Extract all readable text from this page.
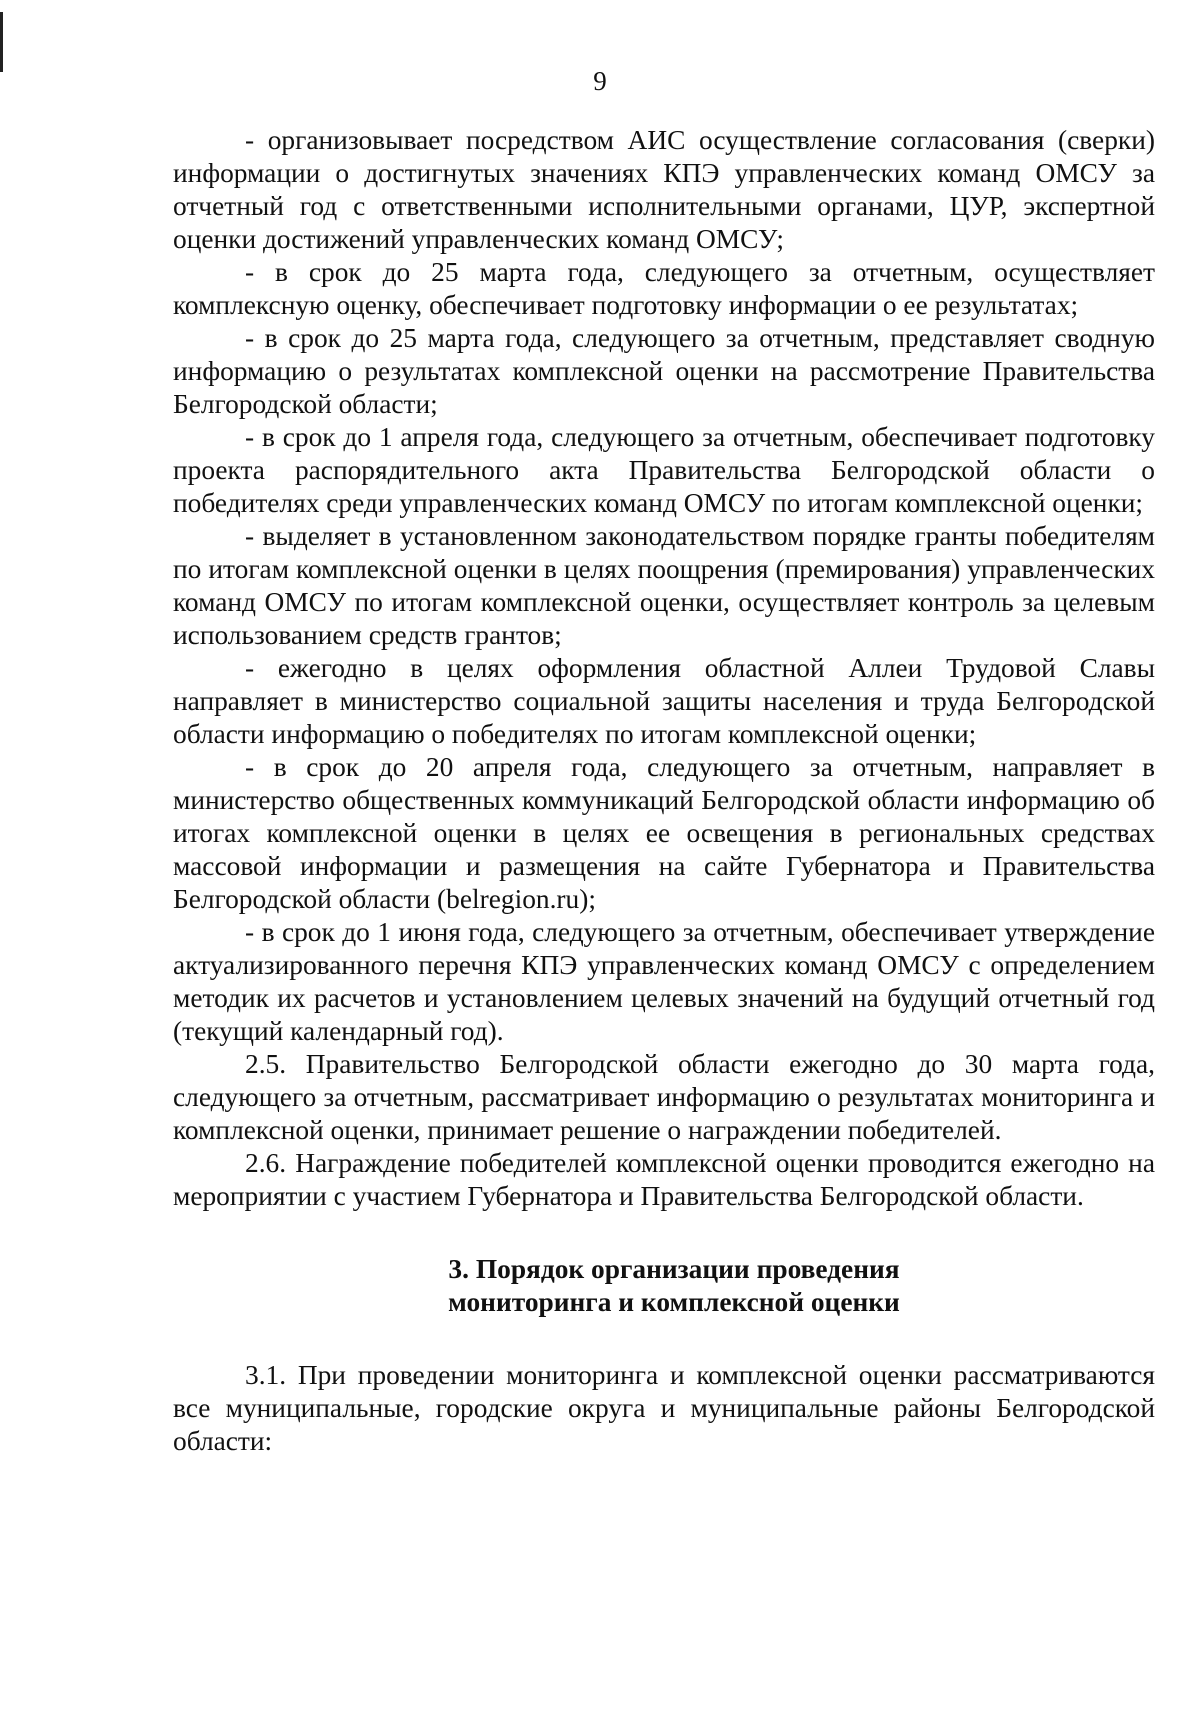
9

- организовывает посредством АИС осуществление согласования (сверки) информации о достигнутых значениях КПЭ управленческих команд ОМСУ за отчетный год с ответственными исполнительными органами, ЦУР, экспертной оценки достижений управленческих команд ОМСУ;

- в срок до 25 марта года, следующего за отчетным, осуществляет комплексную оценку, обеспечивает подготовку информации о ее результатах;

- в срок до 25 марта года, следующего за отчетным, представляет сводную информацию о результатах комплексной оценки на рассмотрение Правительства Белгородской области;

- в срок до 1 апреля года, следующего за отчетным, обеспечивает подготовку проекта распорядительного акта Правительства Белгородской области о победителях среди управленческих команд ОМСУ по итогам комплексной оценки;

- выделяет в установленном законодательством порядке гранты победителям по итогам комплексной оценки в целях поощрения (премирования) управленческих команд ОМСУ по итогам комплексной оценки, осуществляет контроль за целевым использованием средств грантов;

- ежегодно в целях оформления областной Аллеи Трудовой Славы направляет в министерство социальной защиты населения и труда Белгородской области информацию о победителях по итогам комплексной оценки;

- в срок до 20 апреля года, следующего за отчетным, направляет в министерство общественных коммуникаций Белгородской области информацию об итогах комплексной оценки в целях ее освещения в региональных средствах массовой информации и размещения на сайте Губернатора и Правительства Белгородской области (belregion.ru);

- в срок до 1 июня года, следующего за отчетным, обеспечивает утверждение актуализированного перечня КПЭ управленческих команд ОМСУ с определением методик их расчетов и установлением целевых значений на будущий отчетный год (текущий календарный год).

2.5. Правительство Белгородской области ежегодно до 30 марта года, следующего за отчетным, рассматривает информацию о результатах мониторинга и комплексной оценки, принимает решение о награждении победителей.

2.6. Награждение победителей комплексной оценки проводится ежегодно на мероприятии с участием Губернатора и Правительства Белгородской области.

3. Порядок организации проведения
мониторинга и комплексной оценки

3.1. При проведении мониторинга и комплексной оценки рассматриваются все муниципальные, городские округа и муниципальные районы Белгородской области:
